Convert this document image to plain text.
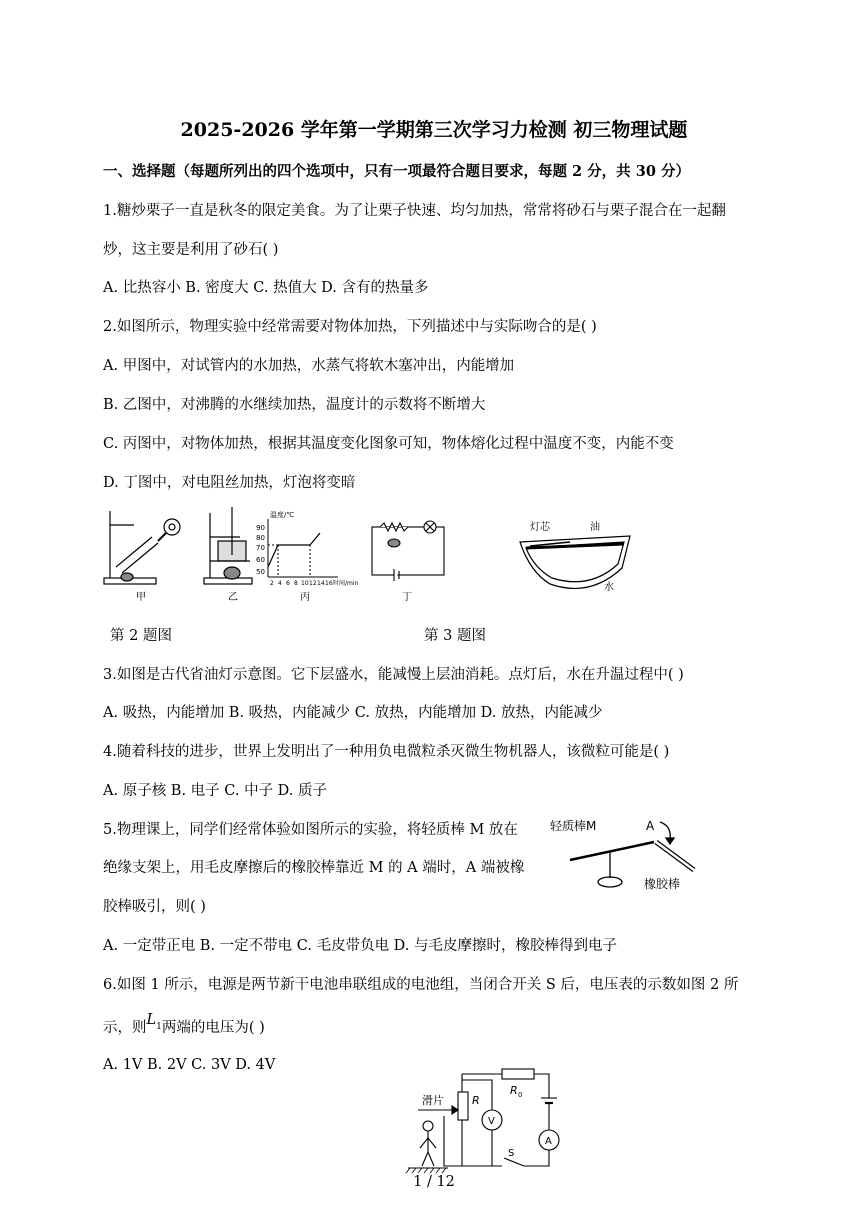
2025-2026 学年第一学期第三次学习力检测 初三物理试题
一、选择题（每题所列出的四个选项中，只有一项最符合题目要求，每题 2 分，共 30 分）
1.糖炒栗子一直是秋冬的限定美食。为了让栗子快速、均匀加热，常常将砂石与栗子混合在一起翻
炒，这主要是利用了砂石( )
A. 比热容小 B. 密度大 C. 热值大 D. 含有的热量多
2.如图所示，物理实验中经常需要对物体加热，下列描述中与实际吻合的是( )
A. 甲图中，对试管内的水加热，水蒸气将软木塞冲出，内能增加
B. 乙图中，对沸腾的水继续加热，温度计的示数将不断增大
C. 丙图中，对物体加热，根据其温度变化图象可知，物体熔化过程中温度不变，内能不变
D. 丁图中，对电阻丝加热，灯泡将变暗
甲	乙
温度/℃
90
80
70
60
50
2 4 6 8 10 12 14 16 时间/min
丙	丁
灯芯	油
水
第 2 题图	第 3 题图
3.如图是古代省油灯示意图。它下层盛水，能减慢上层油消耗。点灯后，水在升温过程中( )
A. 吸热，内能增加 B. 吸热，内能减少 C. 放热，内能增加 D. 放热，内能减少
4.随着科技的进步，世界上发明出了一种用负电微粒杀灭微生物机器人，该微粒可能是( )
A. 原子核 B. 电子 C. 中子 D. 质子
5.物理课上，同学们经常体验如图所示的实验，将轻质棒 M 放在
绝缘支架上，用毛皮摩擦后的橡胶棒靠近 M 的 A 端时，A 端被橡
胶棒吸引，则( )
轻质棒M	A
橡胶棒
A. 一定带正电 B. 一定不带电 C. 毛皮带负电 D. 与毛皮摩擦时，橡胶棒得到电子
6.如图 1 所示，电源是两节新干电池串联组成的电池组，当闭合开关 S 后，电压表的示数如图 2 所
示，则$L^1$两端的电压为( )
A. 1V B. 2V C. 3V D. 4V
滑片	R
R 0
V
A
S
1 / 12
